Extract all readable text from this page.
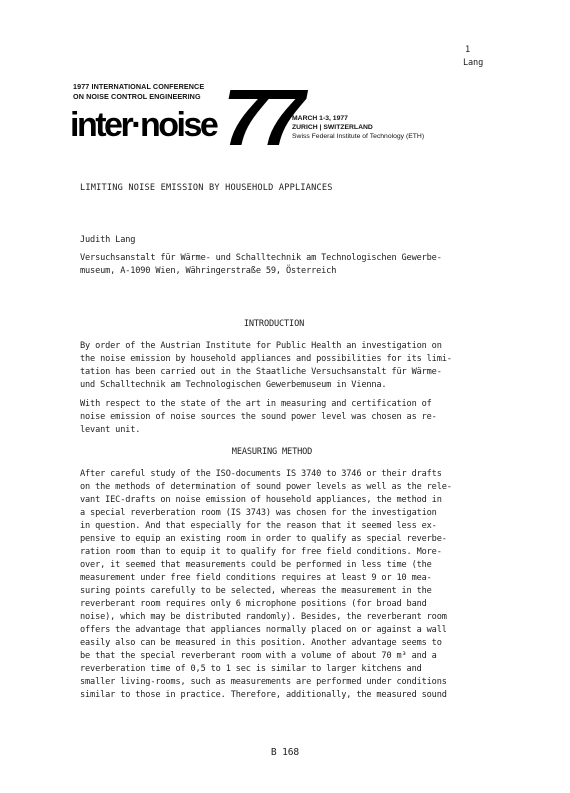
1
Lang
1977 INTERNATIONAL CONFERENCE
ON NOISE CONTROL ENGINEERING
inter·noise 77
MARCH 1-3, 1977
ZURICH | SWITZERLAND
Swiss Federal Institute of Technology (ETH)
LIMITING NOISE EMISSION BY HOUSEHOLD APPLIANCES
Judith Lang
Versuchsanstalt für Wärme- und Schalltechnik am Technologischen Gewerbe-
museum, A-1090 Wien, Währingerstraße 59, Österreich
INTRODUCTION
By order of the Austrian Institute for Public Health an investigation on
the noise emission by household appliances and possibilities for its limi-
tation has been carried out in the Staatliche Versuchsanstalt für Wärme-
und Schalltechnik am Technologischen Gewerbemuseum in Vienna.
With respect to the state of the art in measuring and certification of
noise emission of noise sources the sound power level was chosen as re-
levant unit.
MEASURING METHOD
After careful study of the ISO-documents IS 3740 to 3746 or their drafts
on the methods of determination of sound power levels as well as the rele-
vant IEC-drafts on noise emission of household appliances, the method in
a special reverberation room (IS 3743) was chosen for the investigation
in question. And that especially for the reason that it seemed less ex-
pensive to equip an existing room in order to qualify as special reverbe-
ration room than to equip it to qualify for free field conditions. More-
over, it seemed that measurements could be performed in less time (the
measurement under free field conditions requires at least 9 or 10 mea-
suring points carefully to be selected, whereas the measurement in the
reverberant room requires only 6 microphone positions (for broad band
noise), which may be distributed randomly). Besides, the reverberant room
offers the advantage that appliances normally placed on or against a wall
easily also can be measured in this position. Another advantage seems to
be that the special reverberant room with a volume of about 70 m³ and a
reverberation time of 0,5 to 1 sec is similar to larger kitchens and
smaller living-rooms, such as measurements are performed under conditions
similar to those in practice. Therefore, additionally, the measured sound
B 168
